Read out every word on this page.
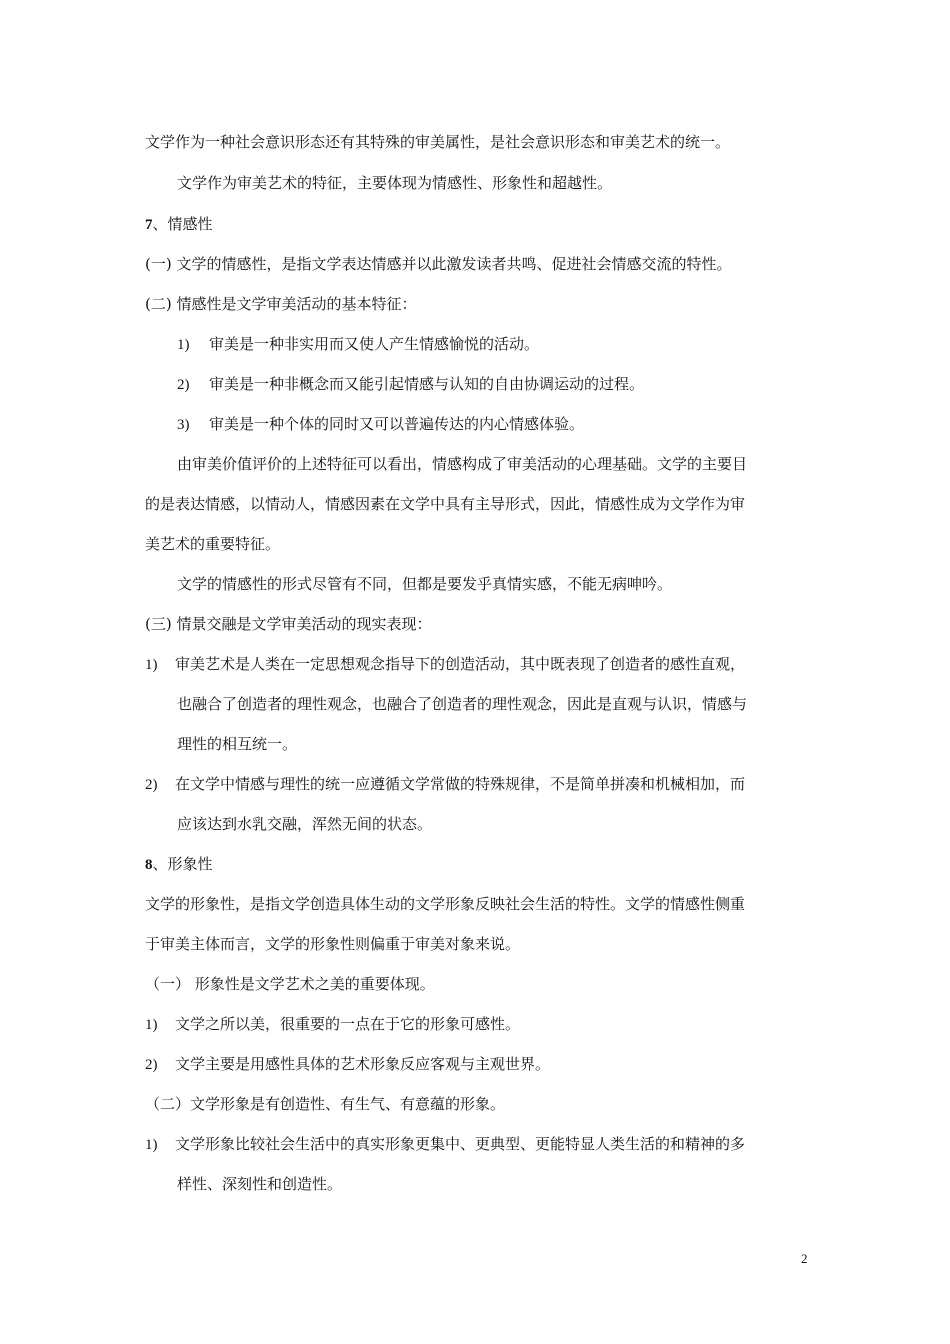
文学作为一种社会意识形态还有其特殊的审美属性，是社会意识形态和审美艺术的统一。
文学作为审美艺术的特征，主要体现为情感性、形象性和超越性。
7、情感性
(一) 文学的情感性，是指文学表达情感并以此激发读者共鸣、促进社会情感交流的特性。
(二) 情感性是文学审美活动的基本特征：
1) 审美是一种非实用而又使人产生情感愉悦的活动。
2) 审美是一种非概念而又能引起情感与认知的自由协调运动的过程。
3) 审美是一种个体的同时又可以普遍传达的内心情感体验。
由审美价值评价的上述特征可以看出，情感构成了审美活动的心理基础。文学的主要目
的是表达情感，以情动人，情感因素在文学中具有主导形式，因此，情感性成为文学作为审
美艺术的重要特征。
文学的情感性的形式尽管有不同，但都是要发乎真情实感，不能无病呻吟。
(三) 情景交融是文学审美活动的现实表现：
1) 审美艺术是人类在一定思想观念指导下的创造活动，其中既表现了创造者的感性直观，
也融合了创造者的理性观念，也融合了创造者的理性观念，因此是直观与认识，情感与
理性的相互统一。
2) 在文学中情感与理性的统一应遵循文学常做的特殊规律，不是简单拼凑和机械相加，而
应该达到水乳交融，浑然无间的状态。
8、形象性
文学的形象性，是指文学创造具体生动的文学形象反映社会生活的特性。文学的情感性侧重
于审美主体而言，文学的形象性则偏重于审美对象来说。
（一） 形象性是文学艺术之美的重要体现。
1) 文学之所以美，很重要的一点在于它的形象可感性。
2) 文学主要是用感性具体的艺术形象反应客观与主观世界。
（二）文学形象是有创造性、有生气、有意蕴的形象。
1) 文学形象比较社会生活中的真实形象更集中、更典型、更能特显人类生活的和精神的多
样性、深刻性和创造性。
2
